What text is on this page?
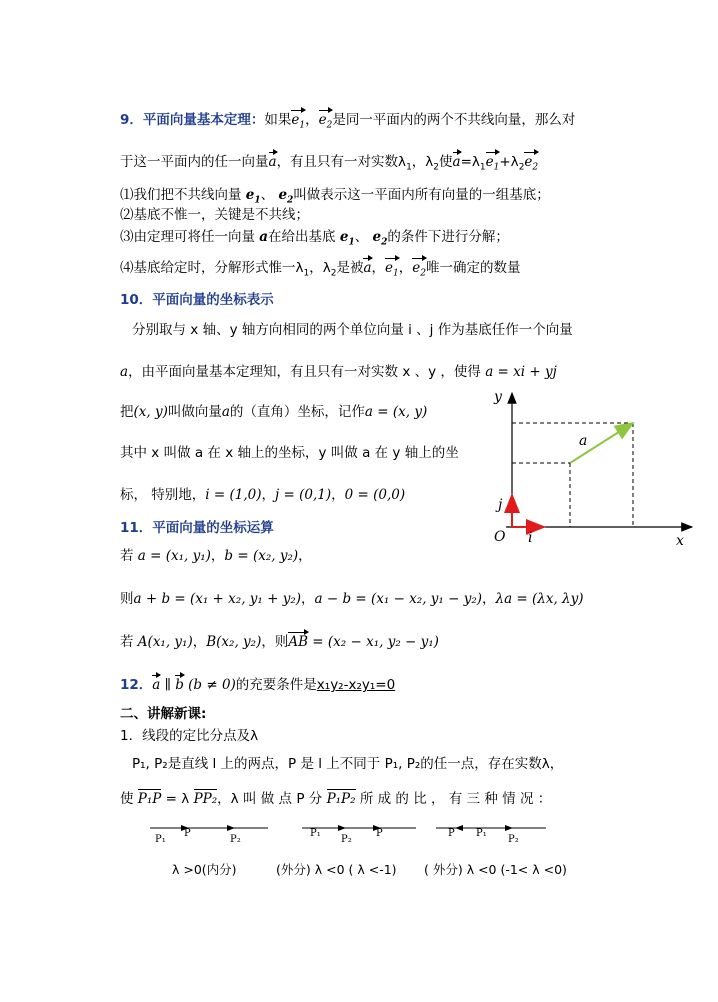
9．平面向量基本定理：如果$e_1$，$e_2$是同一平面内的两个不共线向量，那么对
于这一平面内的任一向量a，有且只有一对实数$\lambda_1$，$\lambda_2$使$a=\lambda_1e_1+\lambda_2e_2$
⑴我们把不共线向量 $e_1$、 $e_2$叫做表示这一平面内所有向量的一组基底；
⑵基底不惟一，关键是不共线；
⑶由定理可将任一向量 a在给出基底 $e_1$、 $e_2$的条件下进行分解；
⑷基底给定时，分解形式惟一$\lambda_1$，$\lambda_2$是被a，$e_1$，$e_2$唯一确定的数量
10．平面向量的坐标表示
分别取与 x 轴、y 轴方向相同的两个单位向量 i 、j 作为基底任作一个向量
a，由平面向量基本定理知，有且只有一对实数 x 、y ，使得 a = xi + yj
把(x, y)叫做向量a的（直角）坐标，记作a = (x, y)
其中 x 叫做 a 在 x 轴上的坐标，y 叫做 a 在 y 轴上的坐
标， 特别地，i = (1,0)，j = (0,1)，0 = (0,0)
y
x
O
a
i
j
11．平面向量的坐标运算
若 a = (x₁, y₁)，b = (x₂, y₂)，
则a + b = (x₁ + x₂, y₁ + y₂)，a − b = (x₁ − x₂, y₁ − y₂)，λa = (λx, λy)
若 A(x₁, y₁)，B(x₂, y₂)，则AB = (x₂ − x₁, y₂ − y₁)
12．a ∥ b (b ≠ 0)的充要条件是x₁y₂-x₂y₁=0
二、讲解新课:
1．线段的定比分点及λ
P₁, P₂是直线 l 上的两点，P 是 l 上不同于 P₁, P₂的任一点，存在实数λ，
使 P₁P = λ PP₂，λ 叫 做 点 P 分 P₁P₂ 所 成 的 比 ， 有 三 种 情 况 ：
P₁
P
P₂
P₁
P₂
P	P P₁
P₂
λ >0(内分)	(外分) λ <0 ( λ <-1) ( 外分) λ <0 (-1< λ <0)
